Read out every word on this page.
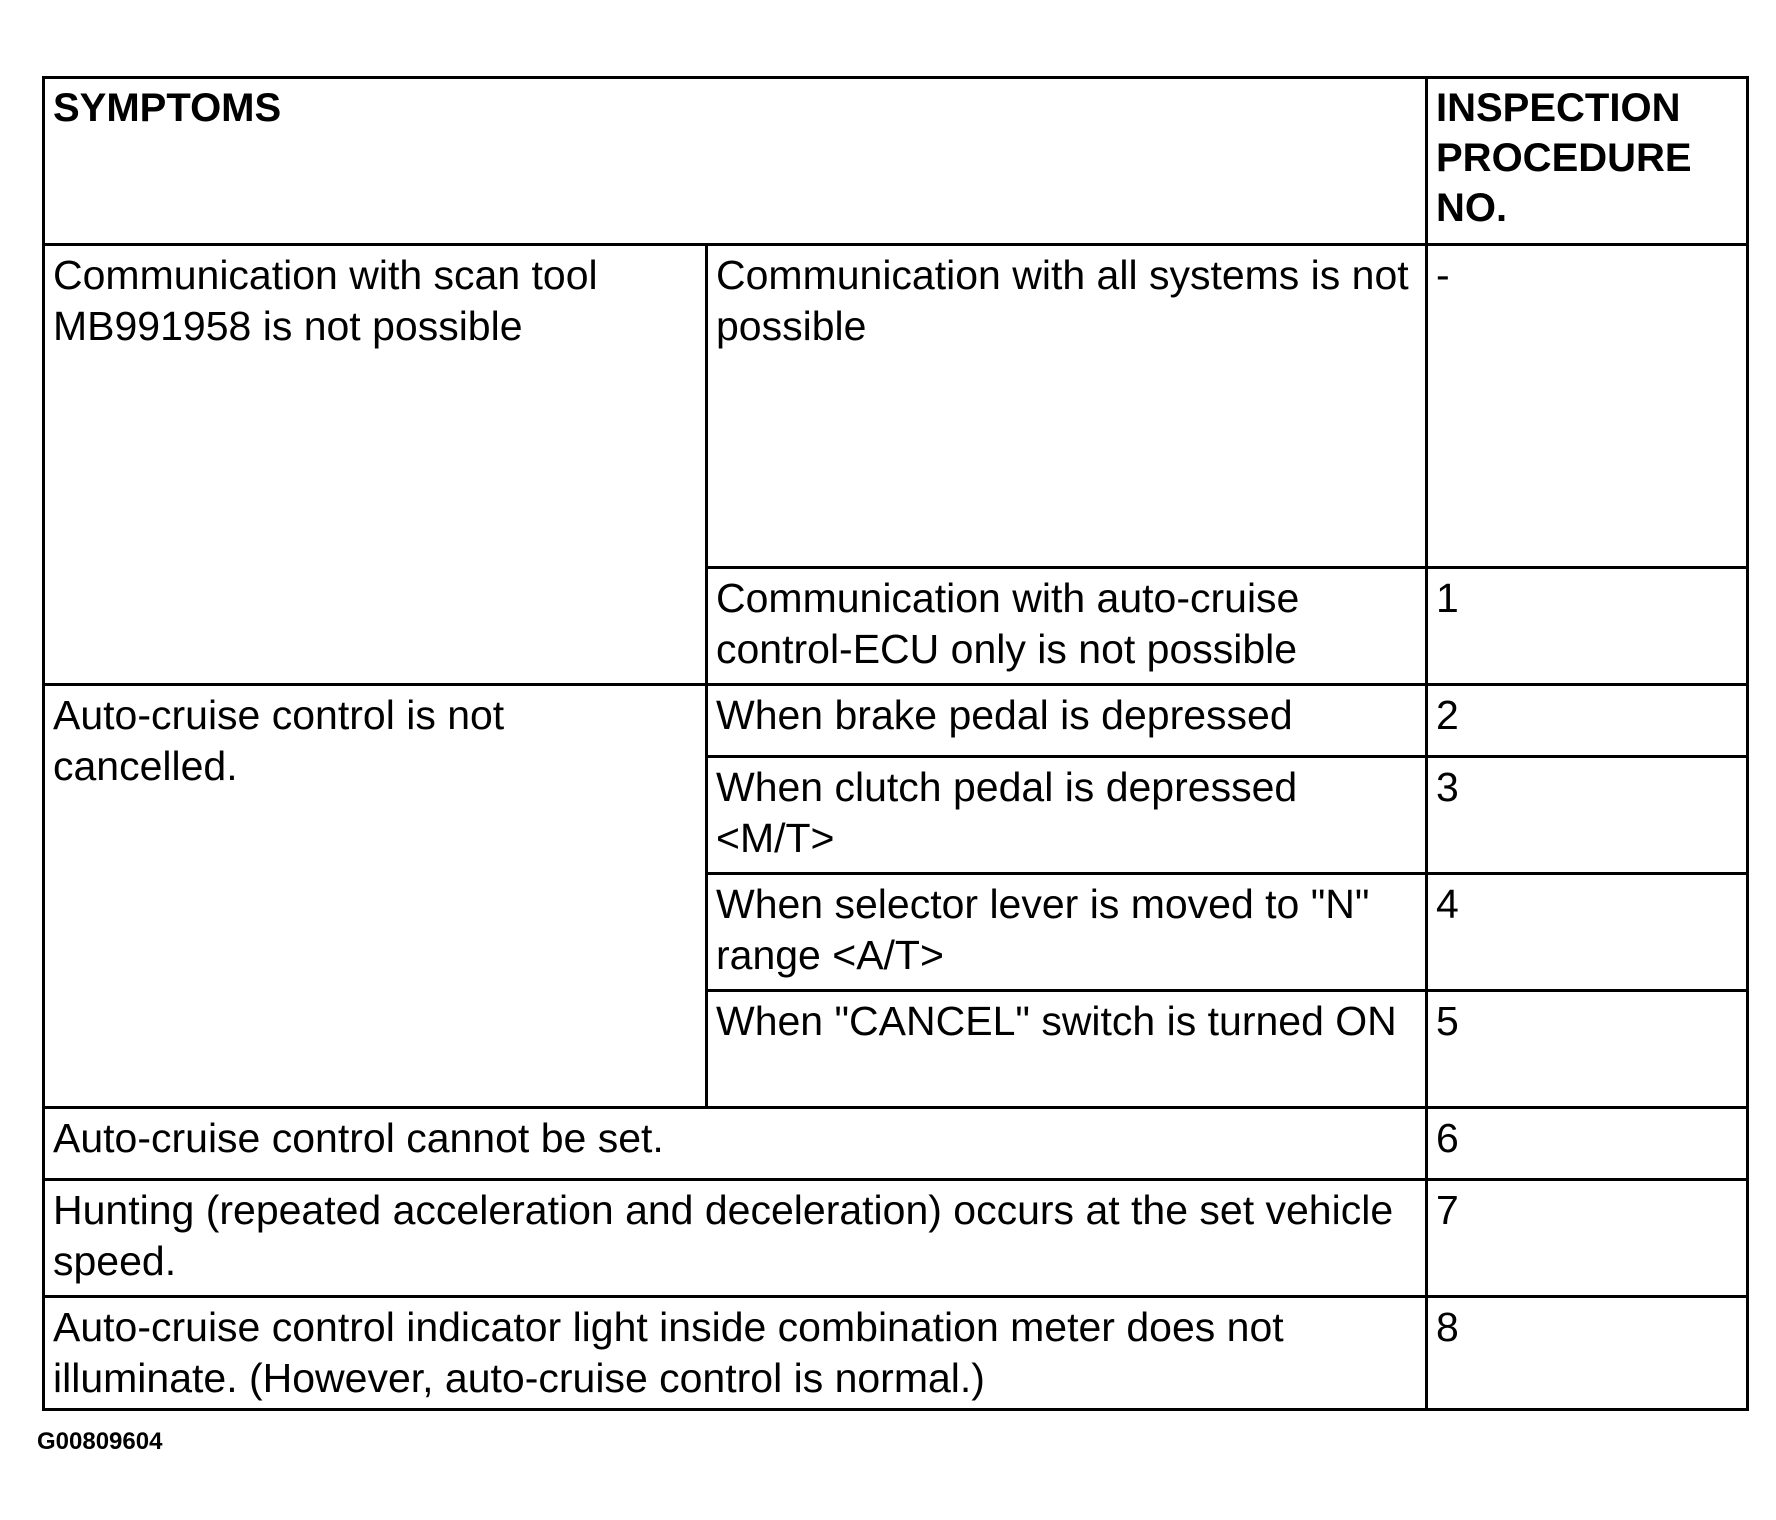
SYMPTOMS		INSPECTION PROCEDURE NO.
Communication with scan tool MB991958 is not possible	Communication with all systems is not possible	-
	Communication with auto-cruise control-ECU only is not possible	1
Auto-cruise control is not cancelled.	When brake pedal is depressed	2
	When clutch pedal is depressed <M/T>	3
	When selector lever is moved to "N" range <A/T>	4
	When "CANCEL" switch is turned ON	5
Auto-cruise control cannot be set.		6
Hunting (repeated acceleration and deceleration) occurs at the set vehicle speed.		7
Auto-cruise control indicator light inside combination meter does not illuminate. (However, auto-cruise control is normal.)		8
G00809604
